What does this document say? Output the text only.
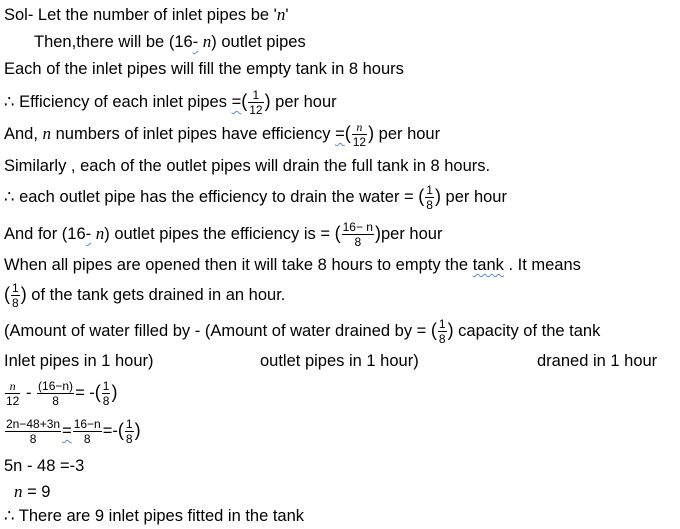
Sol- Let the number of inlet pipes be 'n'
Then,there will be (16- n) outlet pipes
Each of the inlet pipes will fill the empty tank in 8 hours
∴ Efficiency of each inlet pipes =( $\frac{1}{12}$ ) per hour
And, n numbers of inlet pipes have efficiency =( $\frac{n}{12}$ ) per hour
Similarly , each of the outlet pipes will drain the full tank in 8 hours.
∴ each outlet pipe has the efficiency to drain the water = ( $\frac{1}{8}$ ) per hour
And for (16- n) outlet pipes the efficiency is = ( $\frac{16- n}{8} )per$ hour
When all pipes are opened then it will take 8 hours to empty the tank . It means
( $\frac{1}{8}$ ) of the tank gets drained in an hour.
(Amount of water filled by - (Amount of water drained by = ( $\frac{1}{8}$ ) capacity of the tank
Inlet pipes in 1 hour)	outlet pipes in 1 hour)	draned in 1 hour
$\frac{n}{12} - \frac{(16-n)}{8}$ = -( $\frac{1}{8}$ )
$\frac{2n-48+3n}{8} = \frac{16-n}{8}$ =-( $\frac{1}{8}$ )
5n - 48 =-3
n = 9
∴ There are 9 inlet pipes fitted in the tank
